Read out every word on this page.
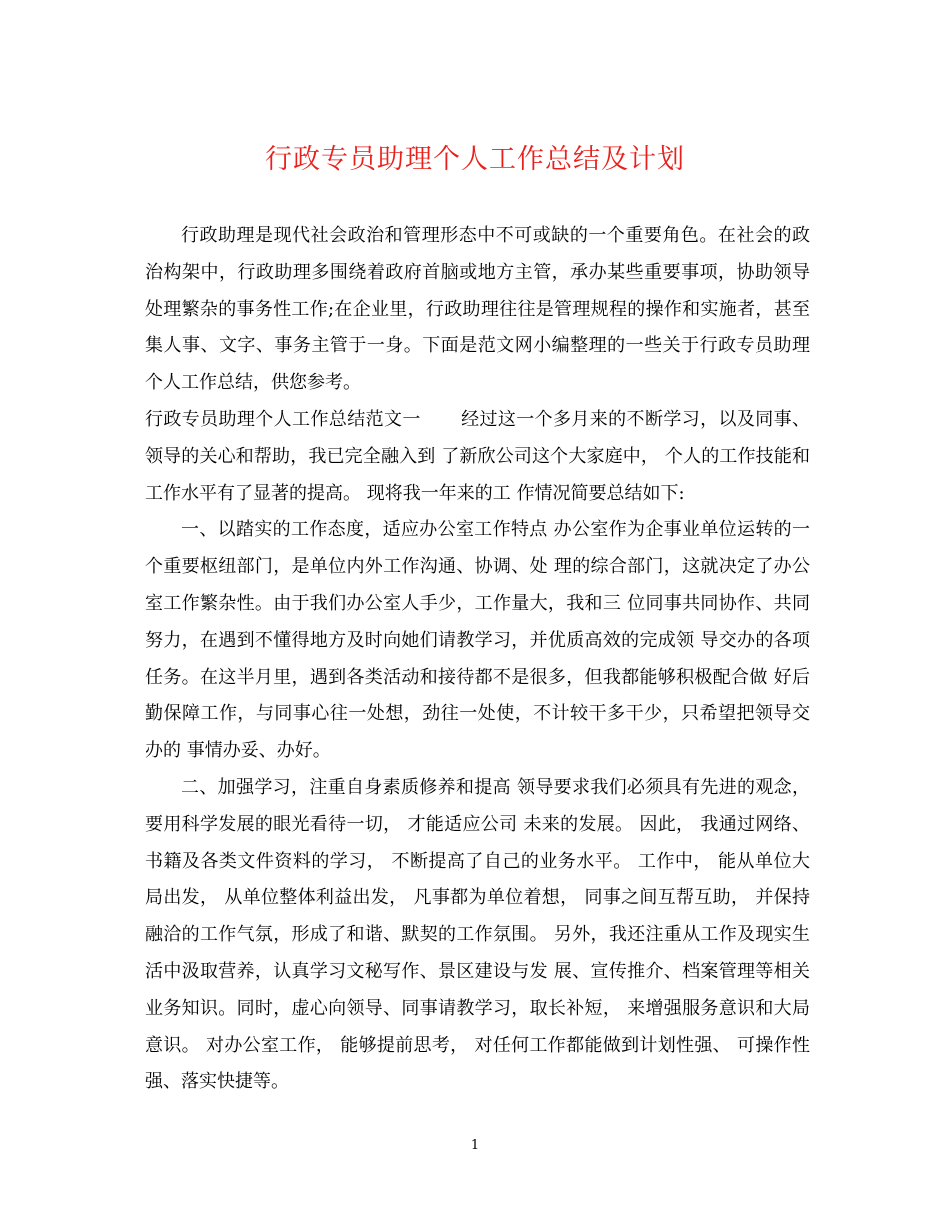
行政专员助理个人工作总结及计划

行政助理是现代社会政治和管理形态中不可或缺的一个重要角色。在社会的政治构架中，行政助理多围绕着政府首脑或地方主管，承办某些重要事项，协助领导处理繁杂的事务性工作;在企业里，行政助理往往是管理规程的操作和实施者，甚至集人事、文字、事务主管于一身。下面是范文网小编整理的一些关于行政专员助理个人工作总结，供您参考。

行政专员助理个人工作总结范文一 经过这一个多月来的不断学习，以及同事、领导的关心和帮助，我已完全融入到 了新欣公司这个大家庭中， 个人的工作技能和工作水平有了显著的提高。 现将我一年来的工 作情况简要总结如下:

一、以踏实的工作态度，适应办公室工作特点 办公室作为企事业单位运转的一个重要枢纽部门，是单位内外工作沟通、协调、处 理的综合部门，这就决定了办公室工作繁杂性。由于我们办公室人手少，工作量大，我和三 位同事共同协作、共同努力，在遇到不懂得地方及时向她们请教学习，并优质高效的完成领 导交办的各项任务。在这半月里，遇到各类活动和接待都不是很多，但我都能够积极配合做 好后勤保障工作，与同事心往一处想，劲往一处使，不计较干多干少，只希望把领导交办的 事情办妥、办好。

二、加强学习，注重自身素质修养和提高 领导要求我们必须具有先进的观念， 要用科学发展的眼光看待一切， 才能适应公司 未来的发展。 因此， 我通过网络、 书籍及各类文件资料的学习， 不断提高了自己的业务水平。 工作中， 能从单位大局出发， 从单位整体利益出发， 凡事都为单位着想， 同事之间互帮互助， 并保持融洽的工作气氛，形成了和谐、默契的工作氛围。 另外，我还注重从工作及现实生活中汲取营养，认真学习文秘写作、景区建设与发 展、宣传推介、档案管理等相关业务知识。同时，虚心向领导、同事请教学习，取长补短， 来增强服务意识和大局意识。 对办公室工作， 能够提前思考， 对任何工作都能做到计划性强、 可操作性强、落实快捷等。

1
